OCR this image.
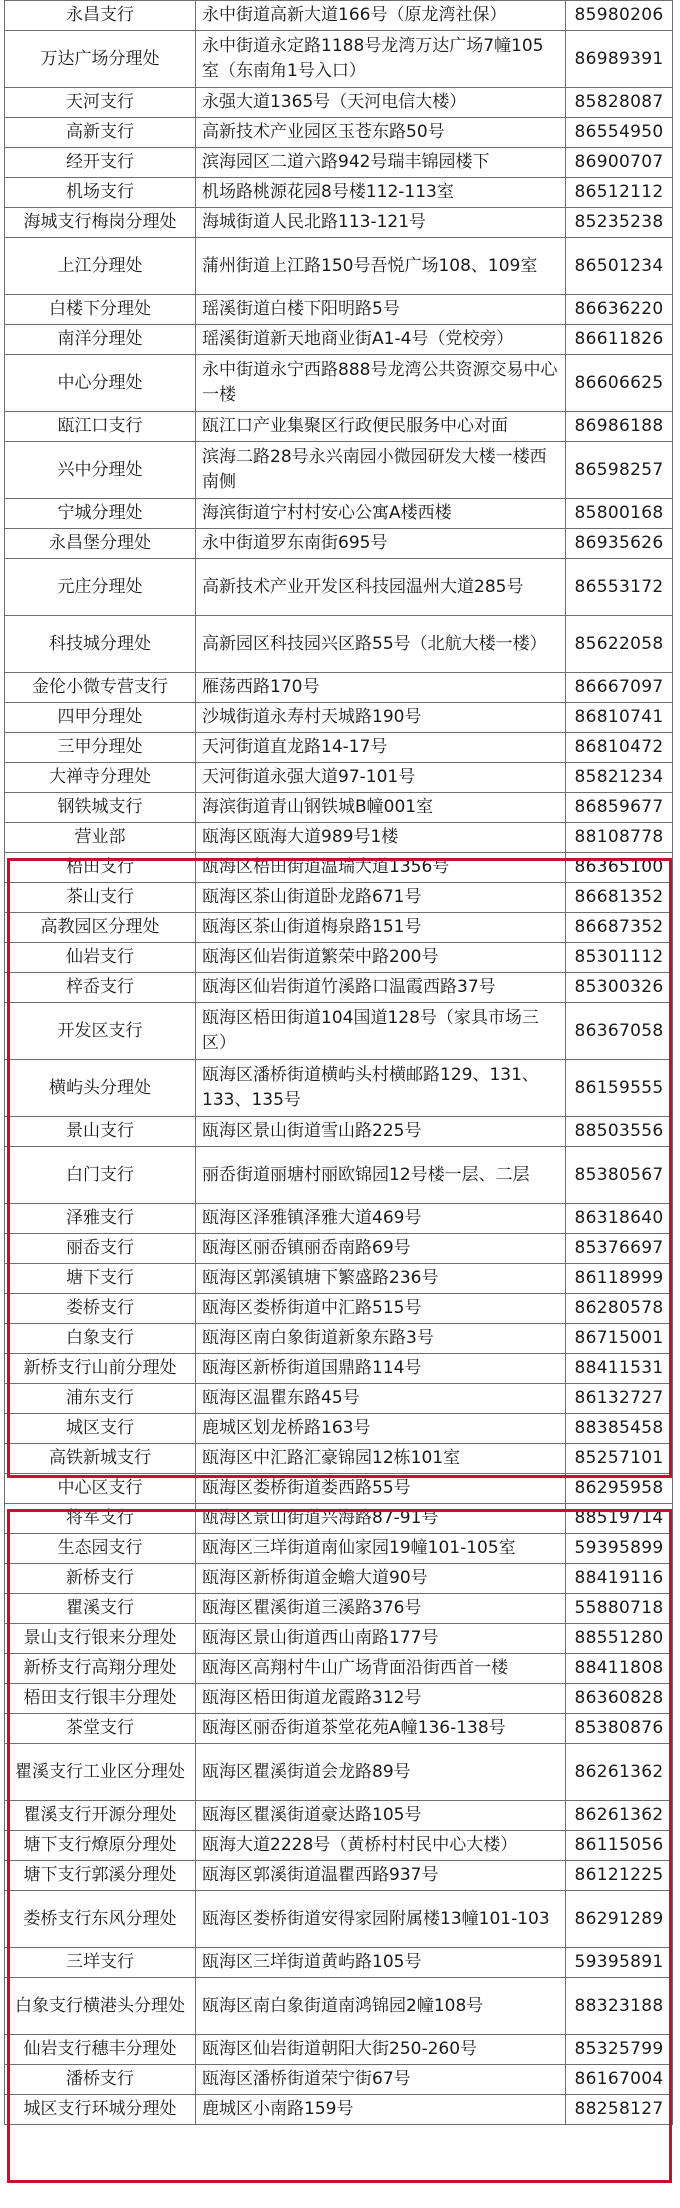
永昌支行	永中街道高新大道166号（原龙湾社保）	85980206
万达广场分理处	永中街道永定路1188号龙湾万达广场7幢105室（东南角1号入口）	86989391
天河支行	永强大道1365号（天河电信大楼）	85828087
高新支行	高新技术产业园区玉苍东路50号	86554950
经开支行	滨海园区二道六路942号瑞丰锦园楼下	86900707
机场支行	机场路桃源花园8号楼112-113室	86512112
海城支行梅岗分理处	海城街道人民北路113-121号	85235238
上江分理处	蒲州街道上江路150号吾悦广场108、109室	86501234
白楼下分理处	瑶溪街道白楼下阳明路5号	86636220
南洋分理处	瑶溪街道新天地商业街A1-4号（党校旁）	86611826
中心分理处	永中街道永宁西路888号龙湾公共资源交易中心一楼	86606625
瓯江口支行	瓯江口产业集聚区行政便民服务中心对面	86986188
兴中分理处	滨海二路28号永兴南园小微园研发大楼一楼西南侧	86598257
宁城分理处	海滨街道宁村村安心公寓A楼西楼	85800168
永昌堡分理处	永中街道罗东南街695号	86935626
元庄分理处	高新技术产业开发区科技园温州大道285号	86553172
科技城分理处	高新园区科技园兴区路55号（北航大楼一楼）	85622058
金伦小微专营支行	雁荡西路170号	86667097
四甲分理处	沙城街道永寿村天城路190号	86810741
三甲分理处	天河街道直龙路14-17号	86810472
大禅寺分理处	天河街道永强大道97-101号	85821234
钢铁城支行	海滨街道青山钢铁城B幢001室	86859677
营业部	瓯海区瓯海大道989号1楼	88108778
梧田支行	瓯海区梧田街道温瑞大道1356号	86365100
茶山支行	瓯海区茶山街道卧龙路671号	86681352
高教园区分理处	瓯海区茶山街道梅泉路151号	86687352
仙岩支行	瓯海区仙岩街道繁荣中路200号	85301112
梓岙支行	瓯海区仙岩街道竹溪路口温霞西路37号	85300326
开发区支行	瓯海区梧田街道104国道128号（家具市场三区）	86367058
横屿头分理处	瓯海区潘桥街道横屿头村横邮路129、131、133、135号	86159555
景山支行	瓯海区景山街道雪山路225号	88503556
白门支行	丽岙街道丽塘村丽欧锦园12号楼一层、二层	85380567
泽雅支行	瓯海区泽雅镇泽雅大道469号	86318640
丽岙支行	瓯海区丽岙镇丽岙南路69号	85376697
塘下支行	瓯海区郭溪镇塘下繁盛路236号	86118999
娄桥支行	瓯海区娄桥街道中汇路515号	86280578
白象支行	瓯海区南白象街道新象东路3号	86715001
新桥支行山前分理处	瓯海区新桥街道国鼎路114号	88411531
浦东支行	瓯海区温瞿东路45号	86132727
城区支行	鹿城区划龙桥路163号	88385458
高铁新城支行	瓯海区中汇路汇豪锦园12栋101室	85257101
中心区支行	瓯海区娄桥街道娄西路55号	86295958
将军支行	瓯海区景山街道兴海路87-91号	88519714
生态园支行	瓯海区三垟街道南仙家园19幢101-105室	59395899
新桥支行	瓯海区新桥街道金蟾大道90号	88419116
瞿溪支行	瓯海区瞿溪街道三溪路376号	55880718
景山支行银来分理处	瓯海区景山街道西山南路177号	88551280
新桥支行高翔分理处	瓯海区高翔村牛山广场背面沿街西首一楼	88411808
梧田支行银丰分理处	瓯海区梧田街道龙霞路312号	86360828
茶堂支行	瓯海区丽岙街道茶堂花苑A幢136-138号	85380876
瞿溪支行工业区分理处	瓯海区瞿溪街道会龙路89号	86261362
瞿溪支行开源分理处	瓯海区瞿溪街道豪达路105号	86261362
塘下支行燎原分理处	瓯海大道2228号（黄桥村村民中心大楼）	86115056
塘下支行郭溪分理处	瓯海区郭溪街道温瞿西路937号	86121225
娄桥支行东风分理处	瓯海区娄桥街道安得家园附属楼13幢101-103	86291289
三垟支行	瓯海区三垟街道黄屿路105号	59395891
白象支行横港头分理处	瓯海区南白象街道南鸿锦园2幢108号	88323188
仙岩支行穗丰分理处	瓯海区仙岩街道朝阳大街250-260号	85325799
潘桥支行	瓯海区潘桥街道荣宁街67号	86167004
城区支行环城分理处	鹿城区小南路159号	88258127
